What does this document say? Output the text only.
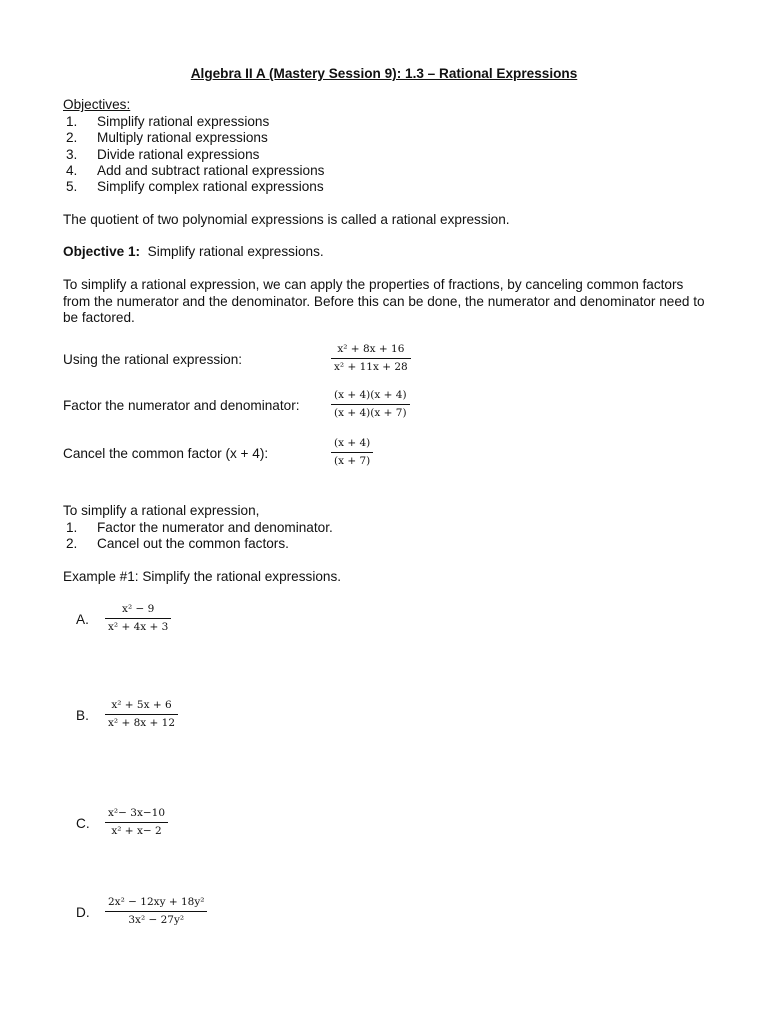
Algebra II A (Mastery Session 9): 1.3 – Rational Expressions
Objectives:
1. Simplify rational expressions
2. Multiply rational expressions
3. Divide rational expressions
4. Add and subtract rational expressions
5. Simplify complex rational expressions
The quotient of two polynomial expressions is called a rational expression.
Objective 1: Simplify rational expressions.
To simplify a rational expression, we can apply the properties of fractions, by canceling common factors from the numerator and the denominator. Before this can be done, the numerator and denominator need to be factored.
Using the rational expression:
x² + 8x + 16
x² + 11x + 28
Factor the numerator and denominator:
(x + 4)(x + 4)
(x + 4)(x + 7)
Cancel the common factor (x + 4):
(x + 4)
(x + 7)
To simplify a rational expression,
1. Factor the numerator and denominator.
2. Cancel out the common factors.
Example #1: Simplify the rational expressions.
A.
x² − 9
x² + 4x + 3
B.
x² + 5x + 6
x² + 8x + 12
C.
x²− 3x−10
x² + x− 2
D.
2x² − 12xy + 18y²
3x² − 27y²
